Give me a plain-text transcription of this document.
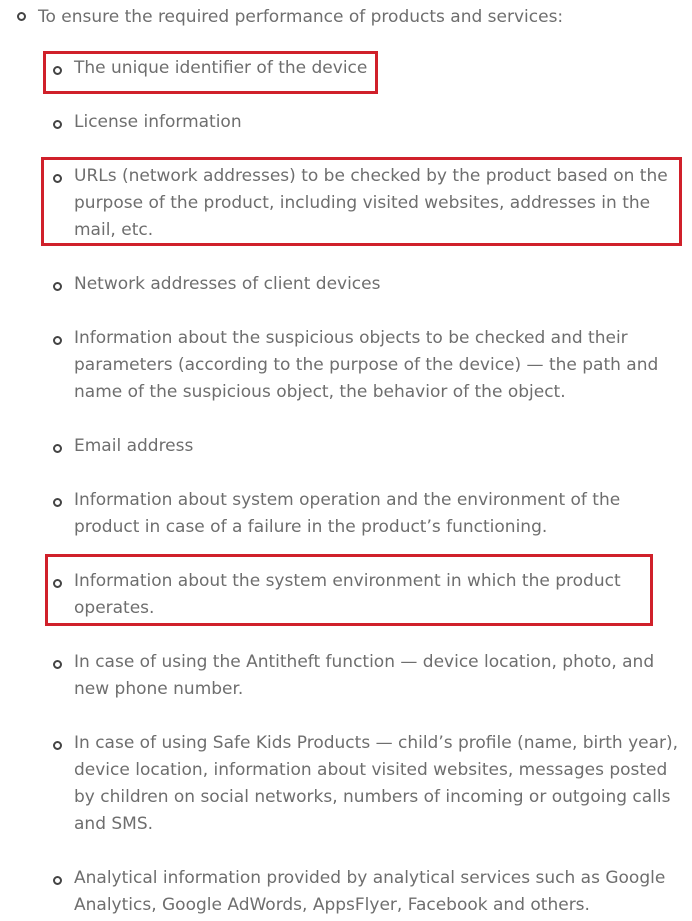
To ensure the required performance of products and services:
The unique identifier of the device
License information
URLs (network addresses) to be checked by the product based on the purpose of the product, including visited websites, addresses in the mail, etc.
Network addresses of client devices
Information about the suspicious objects to be checked and their parameters (according to the purpose of the device) — the path and name of the suspicious object, the behavior of the object.
Email address
Information about system operation and the environment of the product in case of a failure in the product’s functioning.
Information about the system environment in which the product operates.
In case of using the Antitheft function — device location, photo, and new phone number.
In case of using Safe Kids Products — child’s profile (name, birth year), device location, information about visited websites, messages posted by children on social networks, numbers of incoming or outgoing calls and SMS.
Analytical information provided by analytical services such as Google Analytics, Google AdWords, AppsFlyer, Facebook and others.
